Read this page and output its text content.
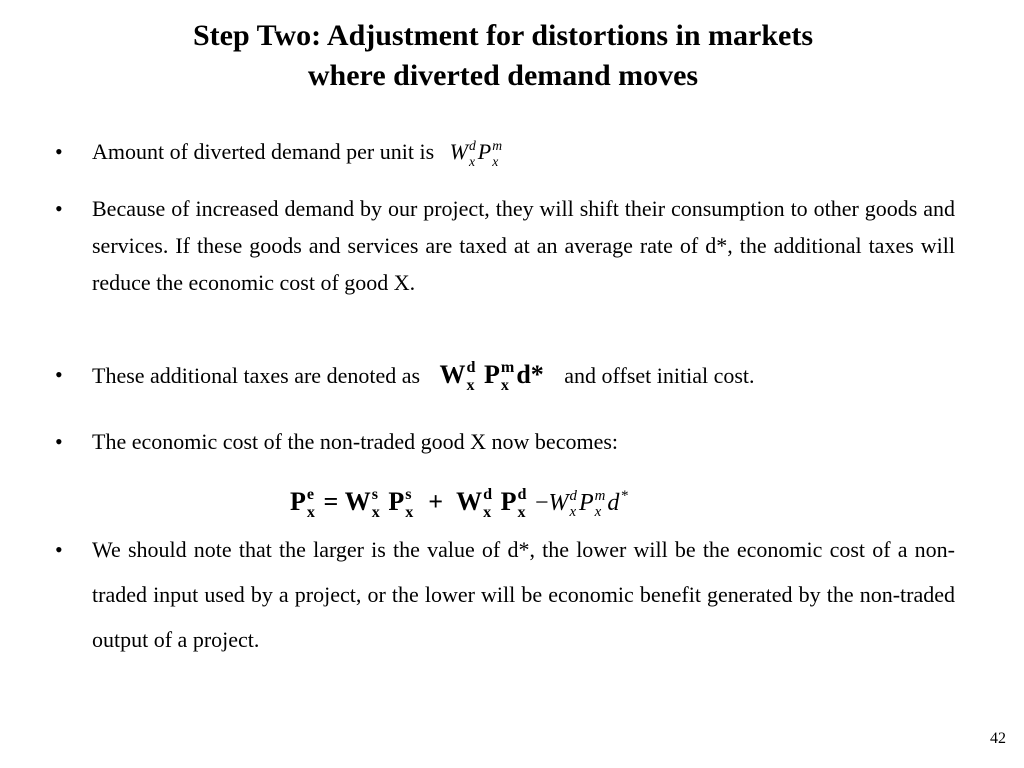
Step Two: Adjustment for distortions in markets
where diverted demand moves
•	Amount of diverted demand per unit is W d
x P m
x
•	Because of increased demand by our project, they will shift their consumption to other goods and services. If these goods and services are taxed at an average rate of d*, the additional taxes will reduce the economic cost of good X.
•	These additional taxes are denoted as W d
x P m
x d* and offset initial cost.
•	The economic cost of the non-traded good X now becomes:
P e
x = W s
x P s
x + W d
x P d
x −W d
x P m
x d *

•	We should note that the larger is the value of d*, the lower will be the economic cost of a non-traded input used by a project, or the lower will be economic benefit generated by the non-traded output of a project.
42
